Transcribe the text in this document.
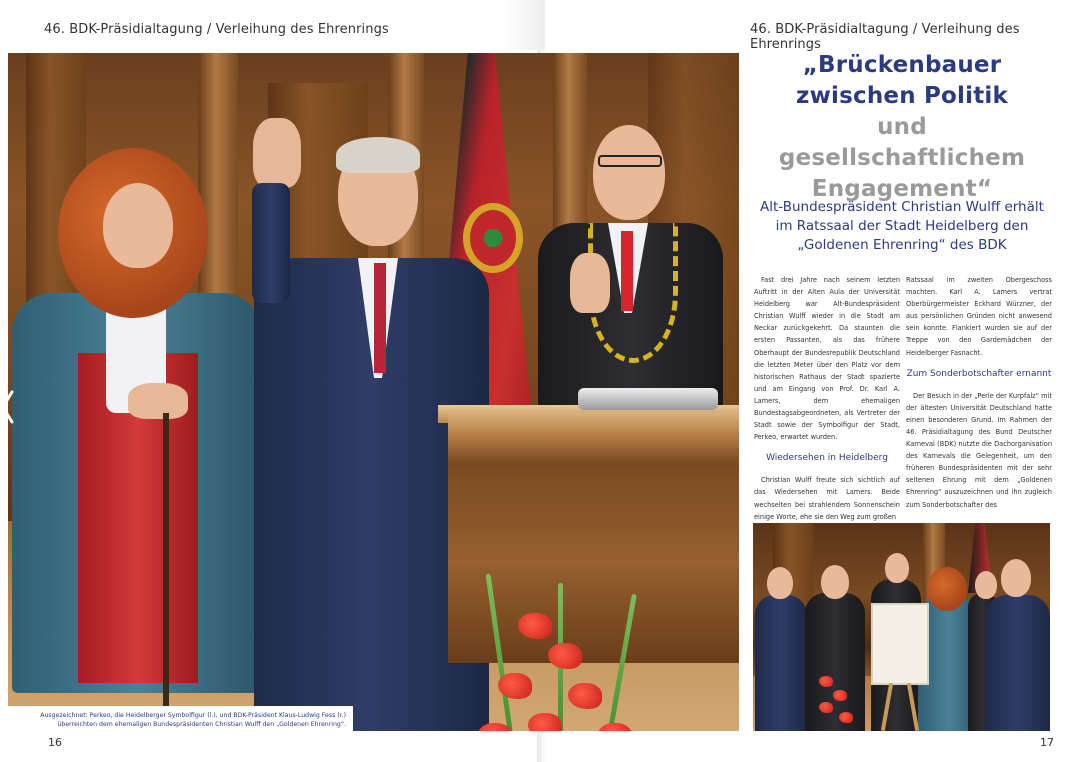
46. BDK-Präsidialtagung / Verleihung des Ehrenrings	46. BDK-Präsidialtagung / Verleihung des Ehrenrings
Ausgezeichnet: Perkeo, die Heidelberger Symbolfigur (l.), und BDK-Präsident Klaus-Ludwig Fess (r.)
überreichten dem ehemaligen Bundespräsidenten Christian Wulff den „Goldenen Ehrenring“.
16
„Brückenbauer
zwischen Politik
und gesellschaftlichem
Engagement“
Alt-Bundespräsident Christian Wulff erhält im Ratssaal der Stadt Heidelberg den „Goldenen Ehrenring“ des BDK

Fast drei Jahre nach seinem letzten Auftritt in der Alten Aula der Universität Heidelberg war Alt-Bundespräsident Christian Wulff wieder in die Stadt am Neckar zurückgekehrt. Da staunten die ersten Passanten, als das frühere Oberhaupt der Bundesrepublik Deutschland die letzten Meter über den Platz vor dem historischen Rathaus der Stadt spazierte und am Eingang von Prof. Dr. Karl A. Lamers, dem ehemaligen Bundestagsabgeordneten, als Vertreter der Stadt sowie der Symbolfigur der Stadt, Perkeo, erwartet wurden.

Wiedersehen in Heidelberg

Christian Wulff freute sich sichtlich auf das Wiedersehen mit Lamers. Beide wechselten bei strahlendem Sonnenschein einige Worte, ehe sie den Weg zum großen

Ratssaal im zweiten Obergeschoss machten. Karl A. Lamers vertrat Oberbürgermeister Eckhard Würzner, der aus persönlichen Gründen nicht anwesend sein konnte. Flankiert wurden sie auf der Treppe von den Gardemädchen der Heidelberger Fasnacht.

Zum Sonderbotschafter ernannt

Der Besuch in der „Perle der Kurpfalz“ mit der ältesten Universität Deutschland hatte einen besonderen Grund. Im Rahmen der 46. Präsidialtagung des Bund Deutscher Karneval (BDK) nutzte die Dachorganisation des Karnevals die Gelegenheit, um den früheren Bundespräsidenten mit der sehr seltenen Ehrung mit dem „Goldenen Ehrenring“ auszuzeichnen und ihn zugleich zum Sonderbotschafter des

17
